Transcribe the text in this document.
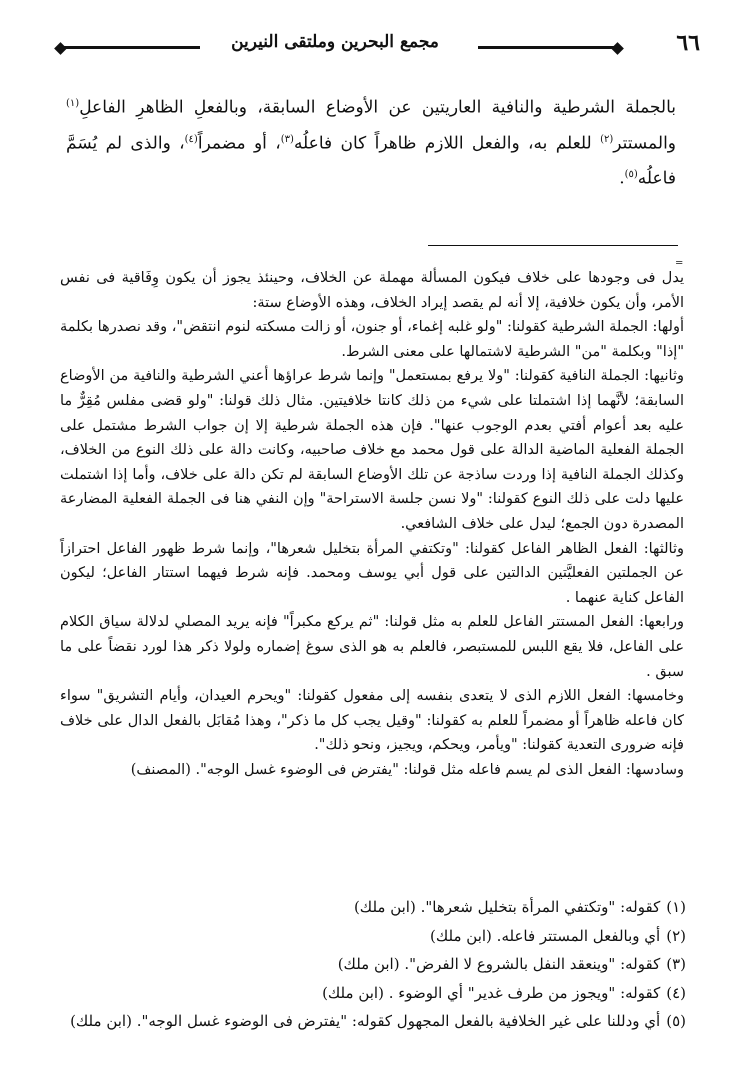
٦٦
مجمع البحرين وملتقى النيرين
بالجملة الشرطية والنافية العاريتين عن الأوضاع السابقة، وبالفعلِ الظاهرِ الفاعلِ$^{(١)}$ والمستتر$^{(٢)}$ للعلم به، والفعل اللازم ظاهراً كان فاعلُه$^{(٣)}$، أو مضمراً$^{(٤)}$، والذى لم يُسَمَّ فاعلُه$^{(٥)}$.
=

يدل فى وجودها على خلاف فيكون المسألة مهملة عن الخلاف، وحينئذ يجوز أن يكون وِفَاقية فى نفس الأمر، وأن يكون خلافية، إلا أنه لم يقصد إيراد الخلاف، وهذه الأوضاع ستة:

أولها: الجملة الشرطية كقولنا: "ولو غلبه إغماء، أو جنون، أو زالت مسكته لنوم انتقض"، وقد نصدرها بكلمة "إذا" وبكلمة "من" الشرطية لاشتمالها على معنى الشرط.

وثانيها: الجملة النافية كقولنا: "ولا يرفع بمستعمل" وإنما شرط عراؤها أعني الشرطية والنافية من الأوضاع السابقة؛ لأنَّهما إذا اشتملتا على شيء من ذلك كانتا خلافيتين. مثال ذلك قولنا: "ولو قضى مفلس مُقِرٌّ ما عليه بعد أعوام أفتي بعدم الوجوب عنها". فإن هذه الجملة شرطية إلا إن جواب الشرط مشتمل على الجملة الفعلية الماضية الدالة على قول محمد مع خلاف صاحبيه، وكانت دالة على ذلك النوع من الخلاف، وكذلك الجملة النافية إذا وردت ساذجة عن تلك الأوضاع السابقة لم تكن دالة على خلاف، وأما إذا اشتملت عليها دلت على ذلك النوع كقولنا: "ولا نسن جلسة الاستراحة" وإن النفي هنا فى الجملة الفعلية المضارعة المصدرة دون الجمع؛ ليدل على خلاف الشافعي.

وثالثها: الفعل الظاهر الفاعل كقولنا: "وتكتفي المرأة بتخليل شعرها"، وإنما شرط ظهور الفاعل احترازاً عن الجملتين الفعليَّتين الدالتين على قول أبي يوسف ومحمد. فإنه شرط فيهما استتار الفاعل؛ ليكون الفاعل كناية عنهما .

ورابعها: الفعل المستتر الفاعل للعلم به مثل قولنا: "ثم يركع مكبراً" فإنه يريد المصلي لدلالة سياق الكلام على الفاعل، فلا يقع اللبس للمستبصر، فالعلم به هو الذى سوغ إضماره ولولا ذكر هذا لورد نقضاً على ما سبق .

وخامسها: الفعل اللازم الذى لا يتعدى بنفسه إلى مفعول كقولنا: "ويحرم العيدان، وأيام التشريق" سواء كان فاعله ظاهراً أو مضمراً للعلم به كقولنا: "وقيل يجب كل ما ذكر"، وهذا مُقابَل بالفعل الدال على خلاف فإنه ضرورى التعدية كقولنا: "ويأمر، ويحكم، ويجيز، ونحو ذلك".

وسادسها: الفعل الذى لم يسم فاعله مثل قولنا: "يفترض فى الوضوء غسل الوجه". (المصنف)

(١)كقوله: "وتكتفي المرأة بتخليل شعرها". (ابن ملك)
(٢)أي وبالفعل المستتر فاعله. (ابن ملك)
(٣)كقوله: "وينعقد النفل بالشروع لا الفرض". (ابن ملك)
(٤)كقوله: "ويجوز من طرف غدير" أي الوضوء . (ابن ملك)
(٥)أي ودللنا على غير الخلافية بالفعل المجهول كقوله: "يفترض فى الوضوء غسل الوجه". (ابن ملك)
